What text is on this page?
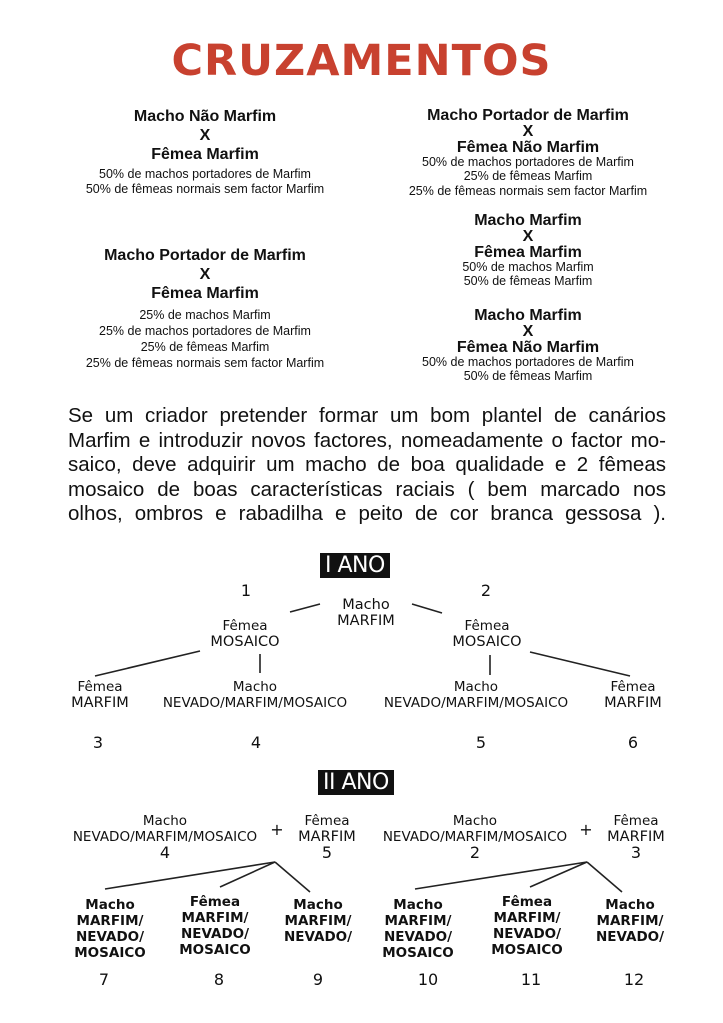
CRUZAMENTOS
Macho Não Marfim
X
Fêmea Marfim
50% de machos portadores de Marfim
50% de fêmeas normais sem factor Marfim
Macho Portador de Marfim
X
Fêmea Marfim
25% de machos Marfim
25% de machos portadores de Marfim
25% de fêmeas Marfim
25% de fêmeas normais sem factor Marfim
Macho Portador de Marfim
X
Fêmea Não Marfim
50% de machos portadores de Marfim
25% de fêmeas Marfim
25% de fêmeas normais sem factor Marfim
Macho Marfim
X
Fêmea Marfim
50% de machos Marfim
50% de fêmeas Marfim
Macho Marfim
X
Fêmea Não Marfim
50% de machos portadores de Marfim
50% de fêmeas Marfim
Se um criador pretender formar um bom plantel de canários
Marfim e introduzir novos factores, nomeadamente o factor mo-
saico, deve adquirir um macho de boa qualidade e 2 fêmeas
mosaico de boas características raciais ( bem marcado nos
olhos, ombros e rabadilha e peito de cor branca gessosa ).
I ANO
1	2
Macho
MARFIM
Fêmea
MOSAICO
Fêmea
MOSAICO
Fêmea
MARFIM
Macho
NEVADO/MARFIM/MOSAICO
Macho
NEVADO/MARFIM/MOSAICO
Fêmea
MARFIM
3	4	5	6
II ANO
Macho
NEVADO/MARFIM/MOSAICO
4
+	Fêmea
MARFIM
5
Macho
NEVADO/MARFIM/MOSAICO
2
+	Fêmea
MARFIM
3
Macho
MARFIM/
NEVADO/
MOSAICO
Fêmea
MARFIM/
NEVADO/
MOSAICO
Macho
MARFIM/
NEVADO/
Macho
MARFIM/
NEVADO/
MOSAICO
Fêmea
MARFIM/
NEVADO/
MOSAICO
Macho
MARFIM/
NEVADO/
7	8	9	10	11	12
